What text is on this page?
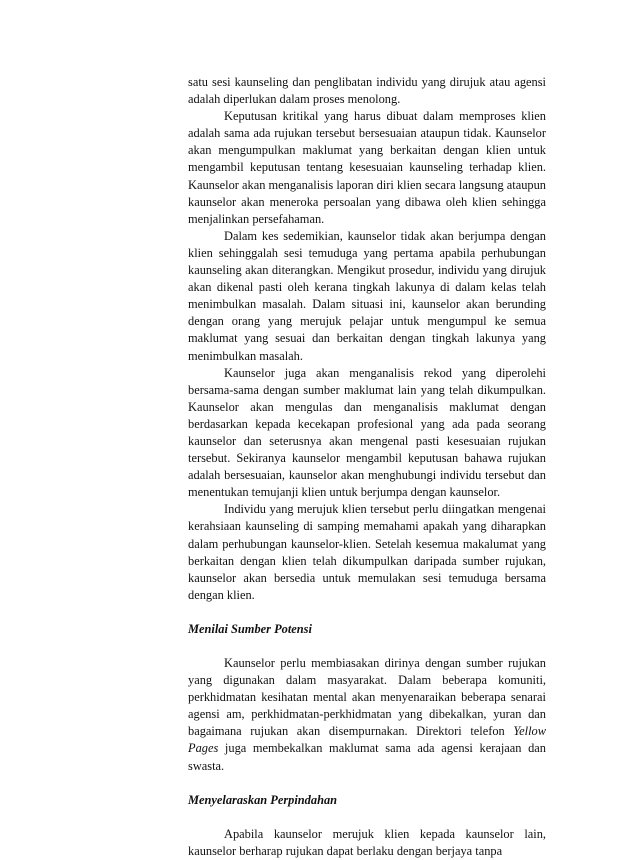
satu sesi kaunseling dan penglibatan individu yang dirujuk atau agensi adalah diperlukan dalam proses menolong.

Keputusan kritikal yang harus dibuat dalam memproses klien adalah sama ada rujukan tersebut bersesuaian ataupun tidak. Kaunselor akan mengumpulkan maklumat yang berkaitan dengan klien untuk mengambil keputusan tentang kesesuaian kaunseling terhadap klien. Kaunselor akan menganalisis laporan diri klien secara langsung ataupun kaunselor akan meneroka persoalan yang dibawa oleh klien sehingga menjalinkan persefahaman.

Dalam kes sedemikian, kaunselor tidak akan berjumpa dengan klien sehinggalah sesi temuduga yang pertama apabila perhubungan kaunseling akan diterangkan. Mengikut prosedur, individu yang dirujuk akan dikenal pasti oleh kerana tingkah lakunya di dalam kelas telah menimbulkan masalah. Dalam situasi ini, kaunselor akan berunding dengan orang yang merujuk pelajar untuk mengumpul ke semua maklumat yang sesuai dan berkaitan dengan tingkah lakunya yang menimbulkan masalah.

Kaunselor juga akan menganalisis rekod yang diperolehi bersama-sama dengan sumber maklumat lain yang telah dikumpulkan. Kaunselor akan mengulas dan menganalisis maklumat dengan berdasarkan kepada kecekapan profesional yang ada pada seorang kaunselor dan seterusnya akan mengenal pasti kesesuaian rujukan tersebut. Sekiranya kaunselor mengambil keputusan bahawa rujukan adalah bersesuaian, kaunselor akan menghubungi individu tersebut dan menentukan temujanji klien untuk berjumpa dengan kaunselor.

Individu yang merujuk klien tersebut perlu diingatkan mengenai kerahsiaan kaunseling di samping memahami apakah yang diharapkan dalam perhubungan kaunselor-klien. Setelah kesemua makalumat yang berkaitan dengan klien telah dikumpulkan daripada sumber rujukan, kaunselor akan bersedia untuk memulakan sesi temuduga bersama dengan klien.

Menilai Sumber Potensi

Kaunselor perlu membiasakan dirinya dengan sumber rujukan yang digunakan dalam masyarakat. Dalam beberapa komuniti, perkhidmatan kesihatan mental akan menyenaraikan beberapa senarai agensi am, perkhidmatan-perkhidmatan yang dibekalkan, yuran dan bagaimana rujukan akan disempurnakan. Direktori telefon Yellow Pages juga membekalkan maklumat sama ada agensi kerajaan dan swasta.

Menyelaraskan Perpindahan

Apabila kaunselor merujuk klien kepada kaunselor lain, kaunselor berharap rujukan dapat berlaku dengan berjaya tanpa
